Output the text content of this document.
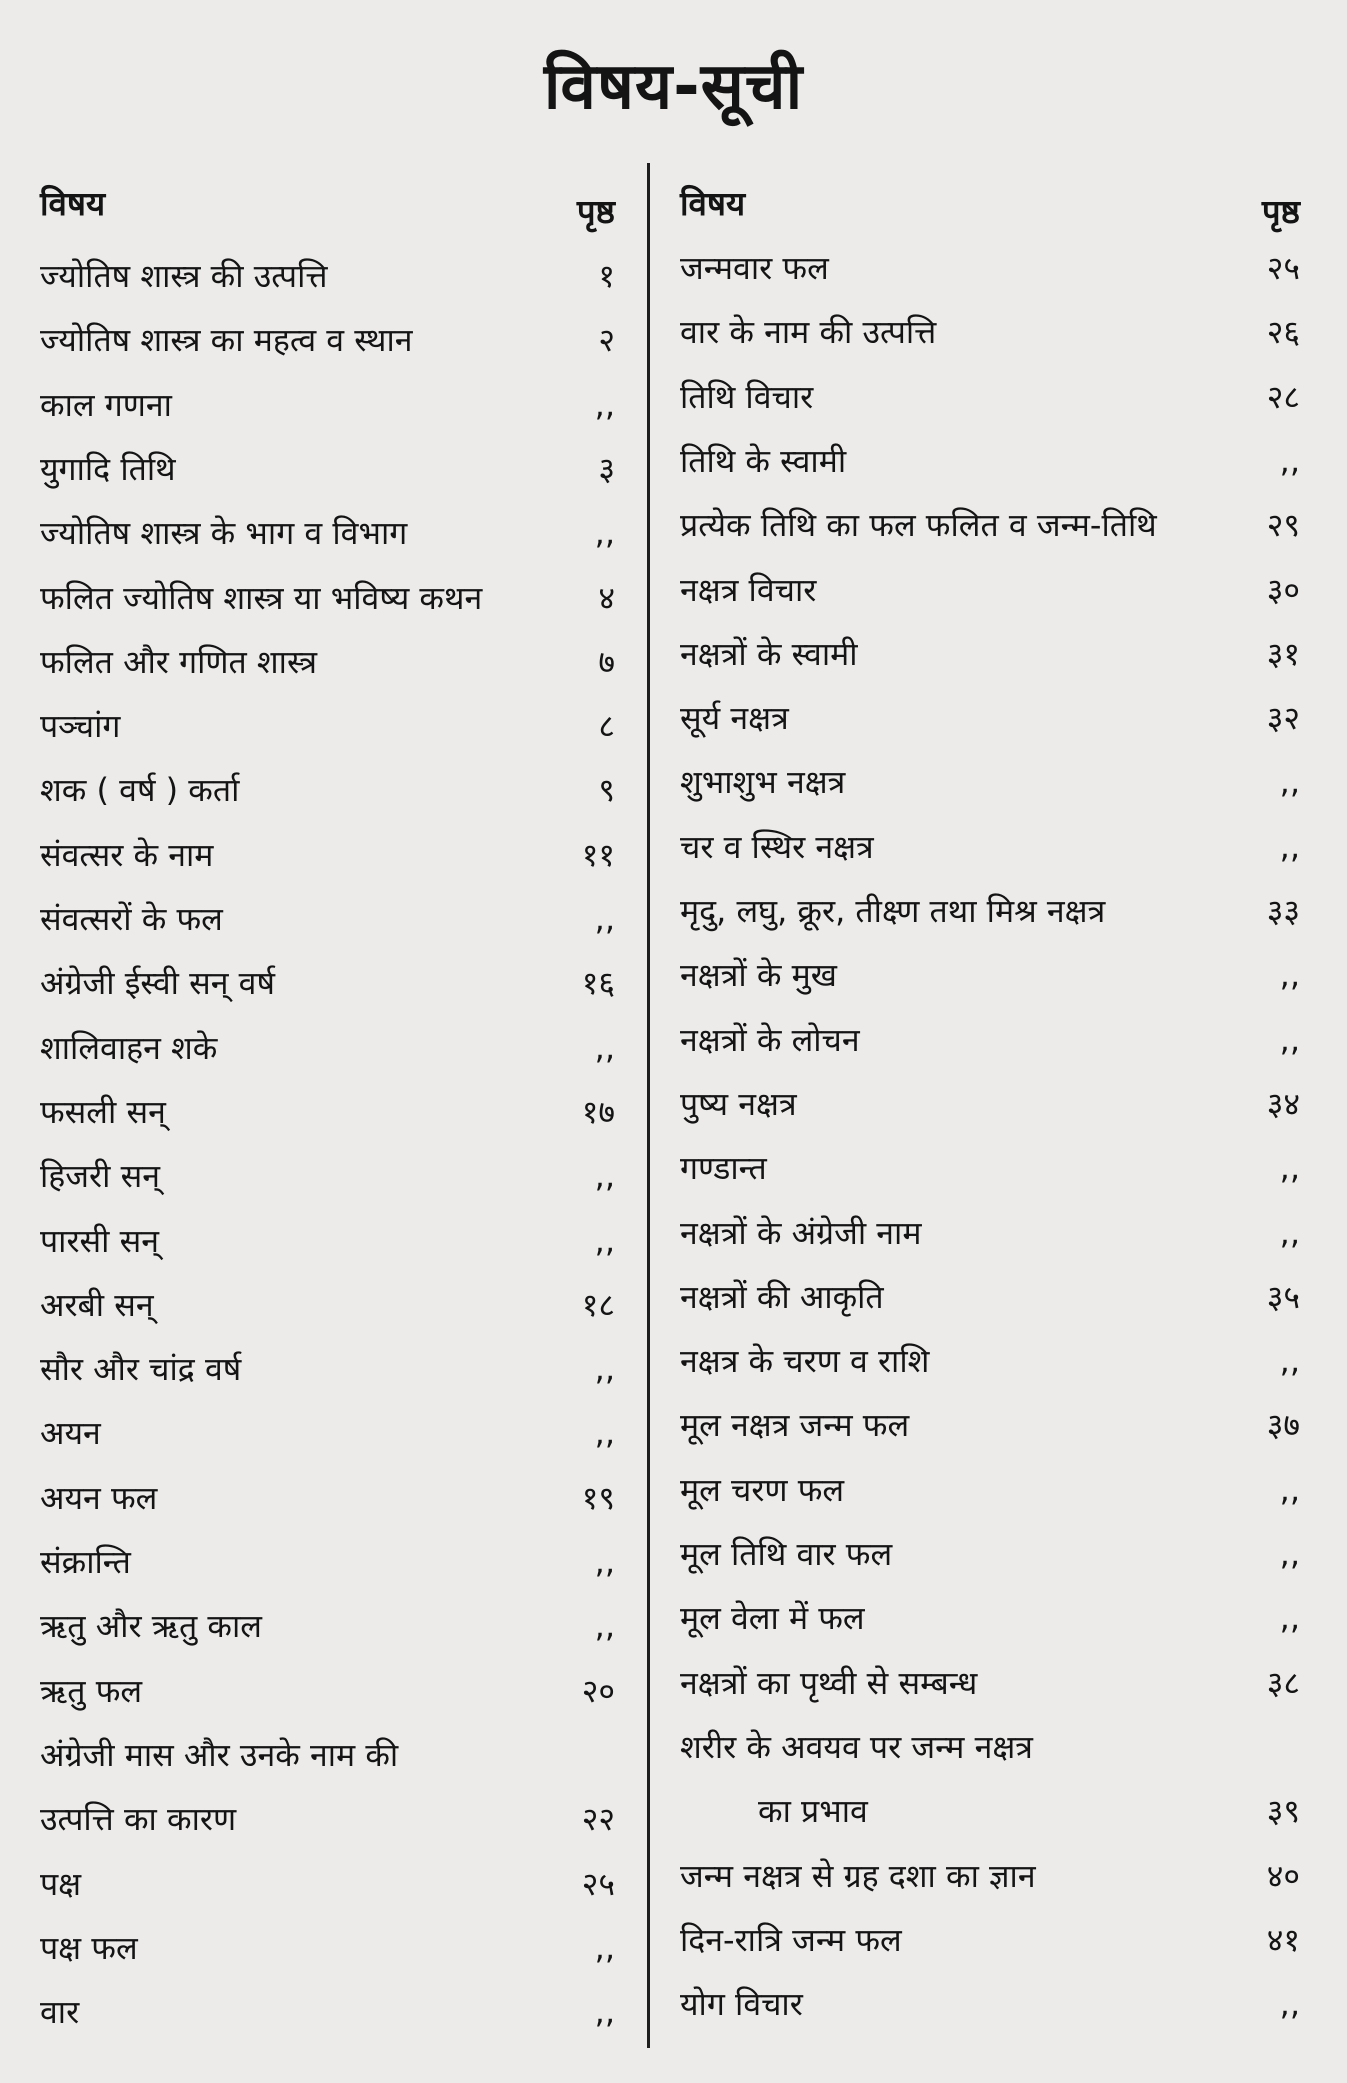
विषय-सूची
विषय	पृष्ठ
ज्योतिष शास्त्र की उत्पत्ति	१
ज्योतिष शास्त्र का महत्व व स्थान	२
काल गणना	,,
युगादि तिथि	३
ज्योतिष शास्त्र के भाग व विभाग	,,
फलित ज्योतिष शास्त्र या भविष्य कथन	४
फलित और गणित शास्त्र	७
पञ्चांग	८
शक ( वर्ष ) कर्ता	९
संवत्सर के नाम	११
संवत्सरों के फल	,,
अंग्रेजी ईस्वी सन् वर्ष	१६
शालिवाहन शके	,,
फसली सन्	१७
हिजरी सन्	,,
पारसी सन्	,,
अरबी सन्	१८
सौर और चांद्र वर्ष	,,
अयन	,,
अयन फल	१९
संक्रान्ति	,,
ऋतु और ऋतु काल	,,
ऋतु फल	२०
अंग्रेजी मास और उनके नाम की
उत्पत्ति का कारण	२२
पक्ष	२५
पक्ष फल	,,
वार	,,
विषय	पृष्ठ
जन्मवार फल	२५
वार के नाम की उत्पत्ति	२६
तिथि विचार	२८
तिथि के स्वामी	,,
प्रत्येक तिथि का फल फलित व जन्म-तिथि	२९
नक्षत्र विचार	३०
नक्षत्रों के स्वामी	३१
सूर्य नक्षत्र	३२
शुभाशुभ नक्षत्र	,,
चर व स्थिर नक्षत्र	,,
मृदु, लघु, क्रूर, तीक्ष्ण तथा मिश्र नक्षत्र	३३
नक्षत्रों के मुख	,,
नक्षत्रों के लोचन	,,
पुष्य नक्षत्र	३४
गण्डान्त	,,
नक्षत्रों के अंग्रेजी नाम	,,
नक्षत्रों की आकृति	३५
नक्षत्र के चरण व राशि	,,
मूल नक्षत्र जन्म फल	३७
मूल चरण फल	,,
मूल तिथि वार फल	,,
मूल वेला में फल	,,
नक्षत्रों का पृथ्वी से सम्बन्ध	३८
शरीर के अवयव पर जन्म नक्षत्र
का प्रभाव	३९
जन्म नक्षत्र से ग्रह दशा का ज्ञान	४०
दिन-रात्रि जन्म फल	४१
योग विचार	,,
